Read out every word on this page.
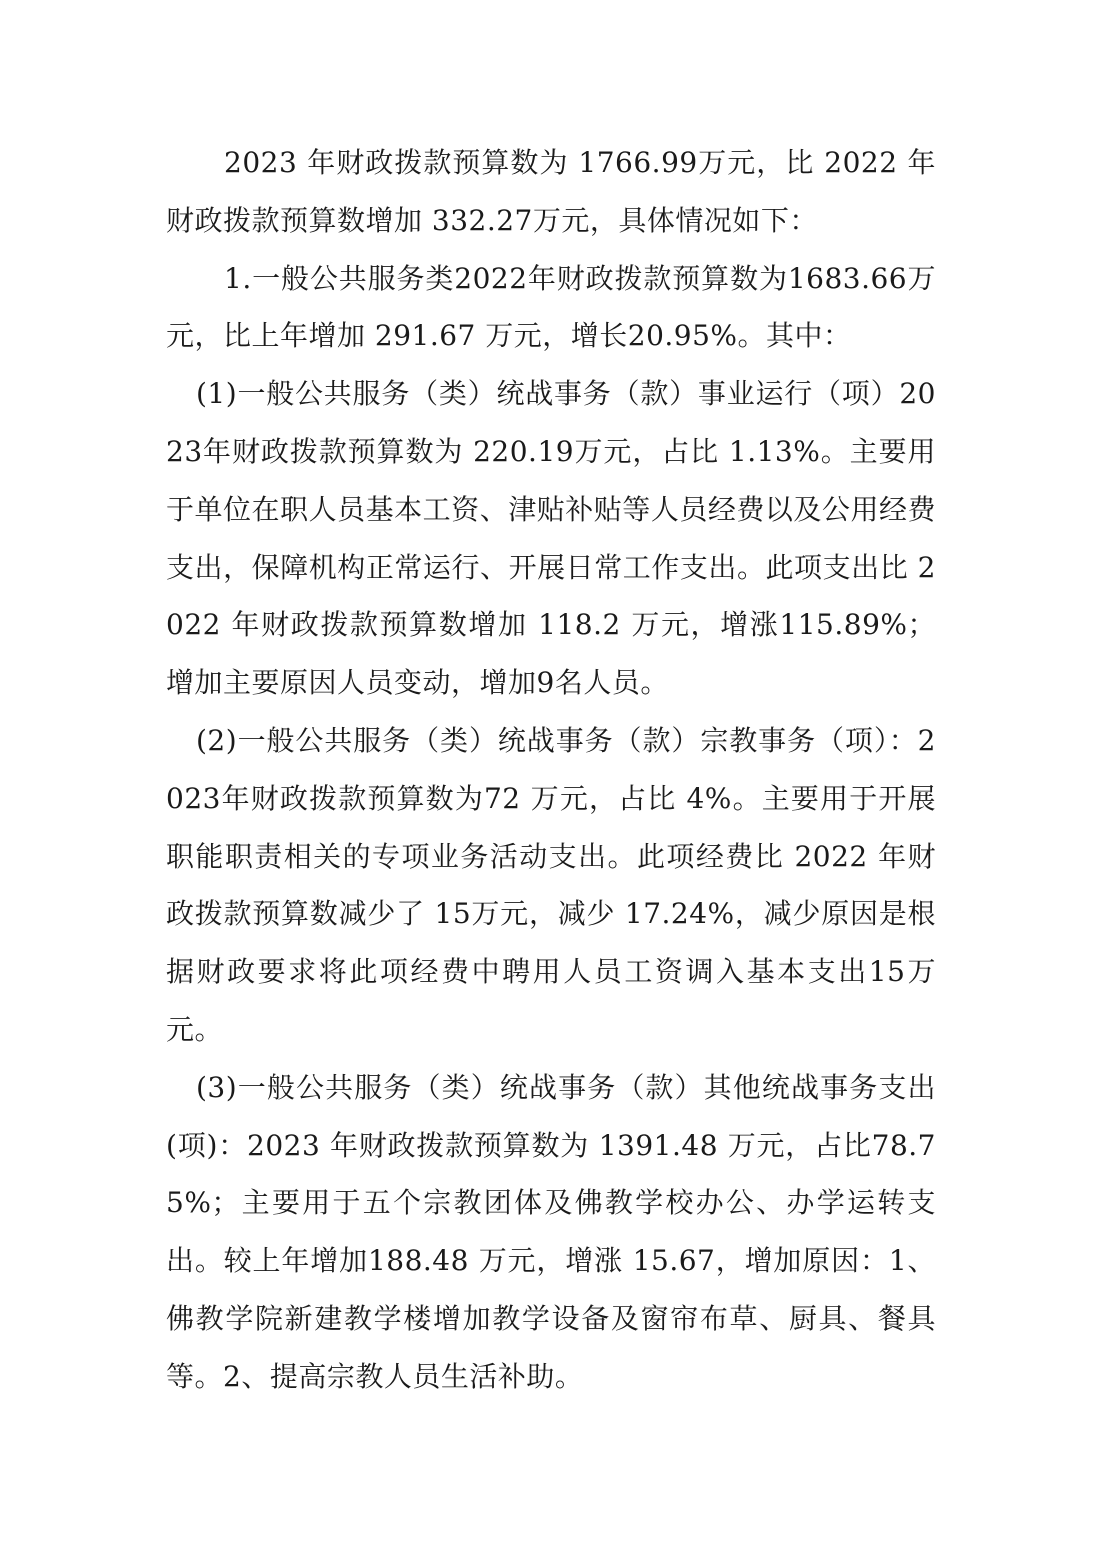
2023 年财政拨款预算数为 1766.99万元，比 2022 年财政拨款预算数增加 332.27万元，具体情况如下：

1.一般公共服务类2022年财政拨款预算数为1683.66万元，比上年增加 291.67 万元，增长20.95%。其中：

(1)一般公共服务（类）统战事务（款）事业运行（项）2023年财政拨款预算数为 220.19万元，占比 1.13%。主要用于单位在职人员基本工资、津贴补贴等人员经费以及公用经费支出，保障机构正常运行、开展日常工作支出。此项支出比 2022 年财政拨款预算数增加 118.2 万元，增涨115.89%；增加主要原因人员变动，增加9名人员。

(2)一般公共服务（类）统战事务（款）宗教事务（项）：2023年财政拨款预算数为72 万元，占比 4%。主要用于开展职能职责相关的专项业务活动支出。此项经费比 2022 年财政拨款预算数减少了 15万元，减少 17.24%，减少原因是根据财政要求将此项经费中聘用人员工资调入基本支出15万元。

(3)一般公共服务（类）统战事务（款）其他统战事务支出(项)：2023 年财政拨款预算数为 1391.48 万元，占比78.75%；主要用于五个宗教团体及佛教学校办公、办学运转支出。较上年增加188.48 万元，增涨 15.67，增加原因：1、佛教学院新建教学楼增加教学设备及窗帘布草、厨具、餐具等。2、提高宗教人员生活补助。
